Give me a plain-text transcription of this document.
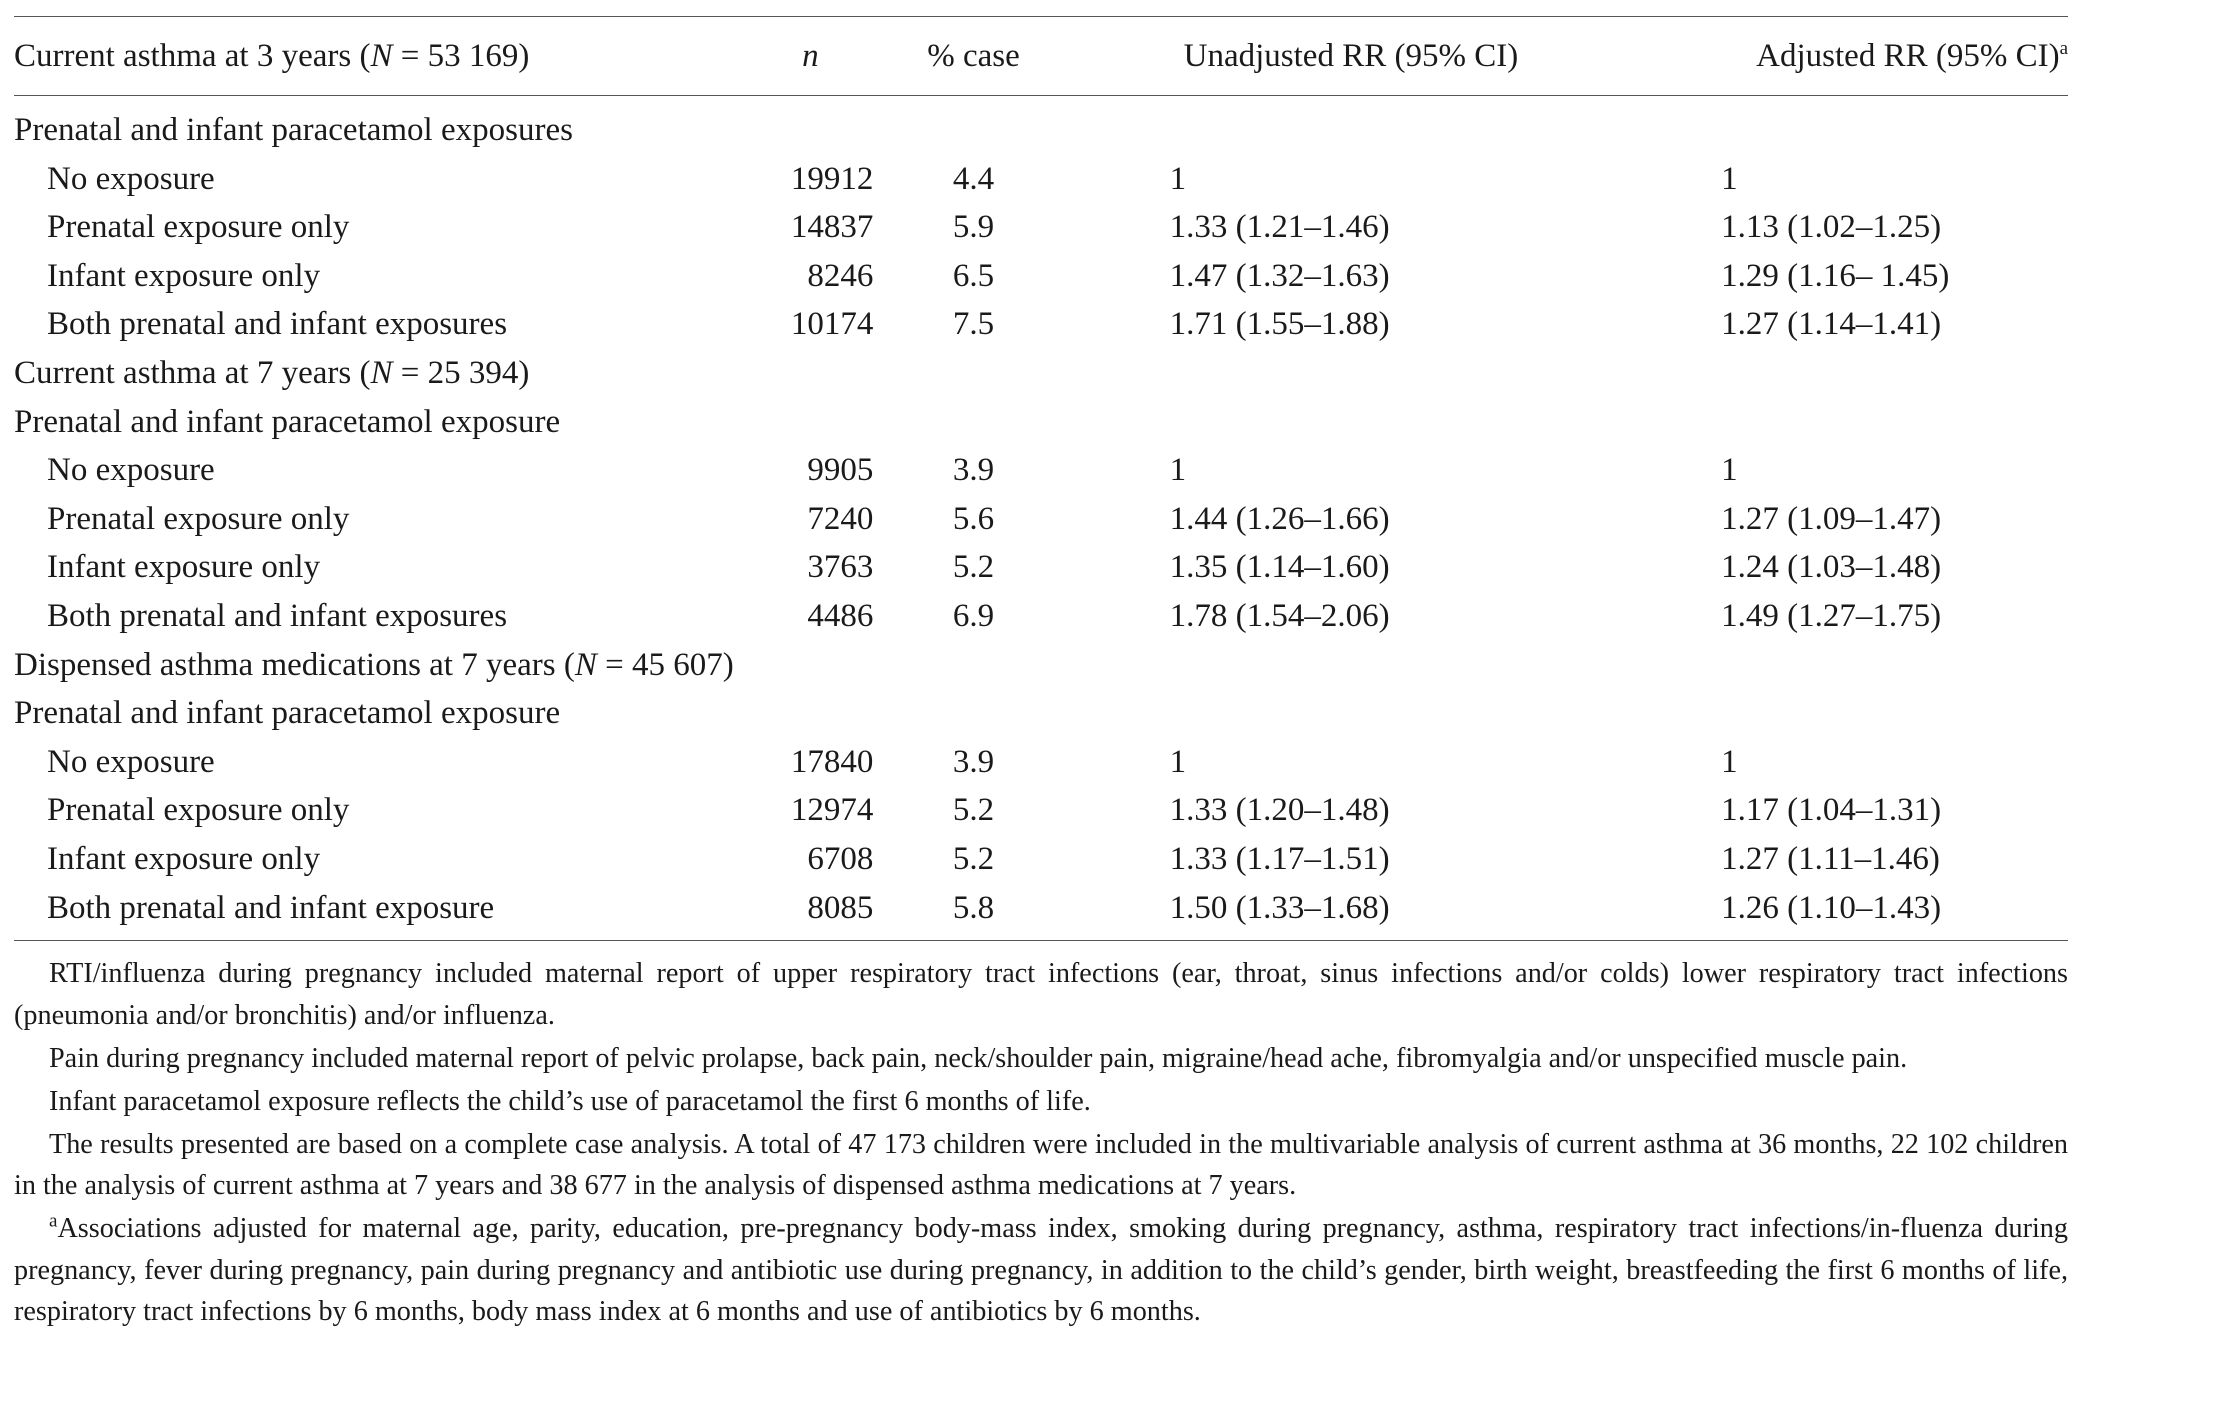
Current asthma at 3 years (N = 53 169)	n	% case	Unadjusted RR (95% CI)	Adjusted RR (95% CI)$^a$

Prenatal and infant paracetamol exposures				
No exposure	19912	4.4	1	1
Prenatal exposure only	14837	5.9	1.33 (1.21–1.46)	1.13 (1.02–1.25)
Infant exposure only	8246	6.5	1.47 (1.32–1.63)	1.29 (1.16– 1.45)
Both prenatal and infant exposures	10174	7.5	1.71 (1.55–1.88)	1.27 (1.14–1.41)
Current asthma at 7 years (N = 25 394)				
Prenatal and infant paracetamol exposure				
No exposure	9905	3.9	1	1
Prenatal exposure only	7240	5.6	1.44 (1.26–1.66)	1.27 (1.09–1.47)
Infant exposure only	3763	5.2	1.35 (1.14–1.60)	1.24 (1.03–1.48)
Both prenatal and infant exposures	4486	6.9	1.78 (1.54–2.06)	1.49 (1.27–1.75)
Dispensed asthma medications at 7 years (N = 45 607)				
Prenatal and infant paracetamol exposure				
No exposure	17840	3.9	1	1
Prenatal exposure only	12974	5.2	1.33 (1.20–1.48)	1.17 (1.04–1.31)
Infant exposure only	6708	5.2	1.33 (1.17–1.51)	1.27 (1.11–1.46)
Both prenatal and infant exposure	8085	5.8	1.50 (1.33–1.68)	1.26 (1.10–1.43)

RTI/influenza during pregnancy included maternal report of upper respiratory tract infections (ear, throat, sinus infections and/or colds) lower respiratory tract infections (pneumonia and/or bronchitis) and/or influenza.

Pain during pregnancy included maternal report of pelvic prolapse, back pain, neck/shoulder pain, migraine/head ache, fibromyalgia and/or unspecified muscle pain.

Infant paracetamol exposure reflects the child’s use of paracetamol the first 6 months of life.

The results presented are based on a complete case analysis. A total of 47 173 children were included in the multivariable analysis of current asthma at 36 months, 22 102 children in the analysis of current asthma at 7 years and 38 677 in the analysis of dispensed asthma medications at 7 years.

$^a$Associations adjusted for maternal age, parity, education, pre-pregnancy body-mass index, smoking during pregnancy, asthma, respiratory tract infections/in-fluenza during pregnancy, fever during pregnancy, pain during pregnancy and antibiotic use during pregnancy, in addition to the child’s gender, birth weight, breastfeeding the first 6 months of life, respiratory tract infections by 6 months, body mass index at 6 months and use of antibiotics by 6 months.
